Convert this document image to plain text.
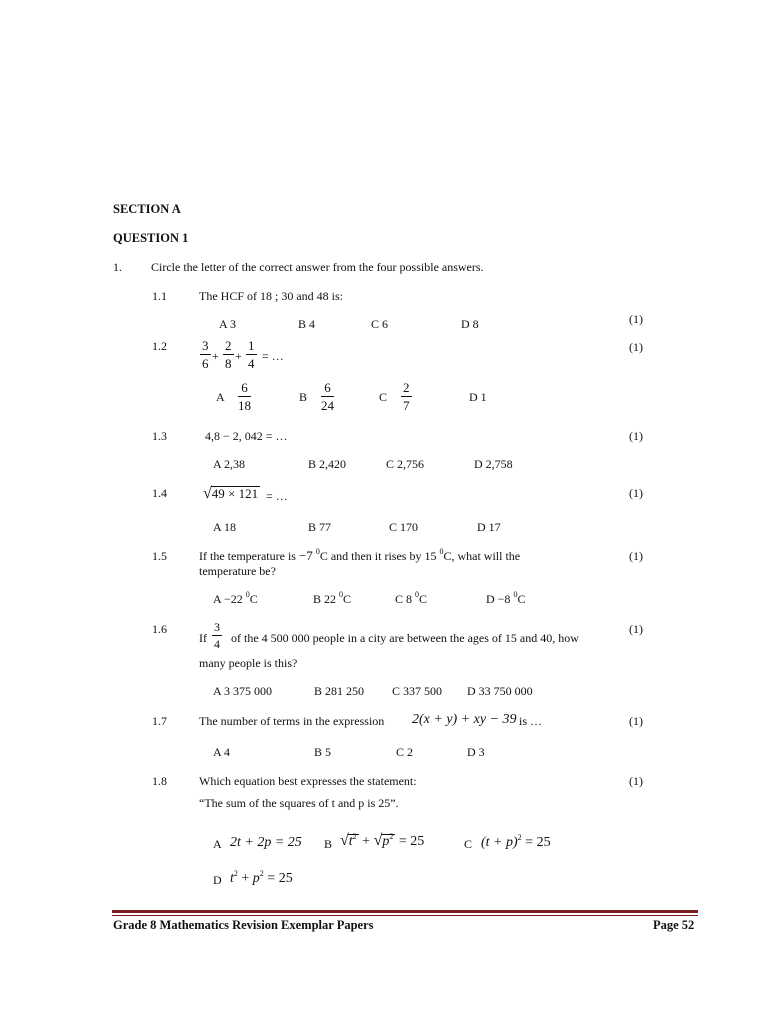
SECTION A
QUESTION 1
1. Circle the letter of the correct answer from the four possible answers.
1.1	The HCF of 18 ; 30 and 48 is:
(1)
A 3	B 4	C 6	D 8
1.2	(1)
$\frac{3}{6} + \frac{2}{8} + \frac{1}{4}$ = …
A $\frac{6}{18}$	B $\frac{6}{24}$	C $\frac{2}{7}$	D 1
1.3	4,8 − 2, 042 = …	(1)
A 2,38	B 2,420	C 2,756	D 2,758
1.4 √49 × 121 = …	(1)
A 18	B 77	C 170	D 17
1.5	If the temperature is −7 $^0$C and then it rises by 15 $^0$C, what will the
temperature be?
(1)
A −22 $^0$C	B 22 $^0$C	C 8 $^0$C	D −8 $^0$C
1.6
If $\frac{3}{4}$ of the 4 500 000 people in a city are between the ages of 15 and 40, how
many people is this?
(1)
A 3 375 000	B 281 250 C 337 500 D 33 750 000
1.7	The number of terms in the expression 2(x + y) + xy − 39 is …	(1)
A 4	B 5	C 2	D 3
1.8	Which equation best expresses the statement:
“The sum of the squares of t and p is 25”.
(1)
A 2t + 2p = 25 B $√t^2 + √p^2 = 25$	C $(t + p)^2 = 25$
D $t^2 + p^2 = 25$
Grade 8 Mathematics Revision Exemplar Papers	Page 52
